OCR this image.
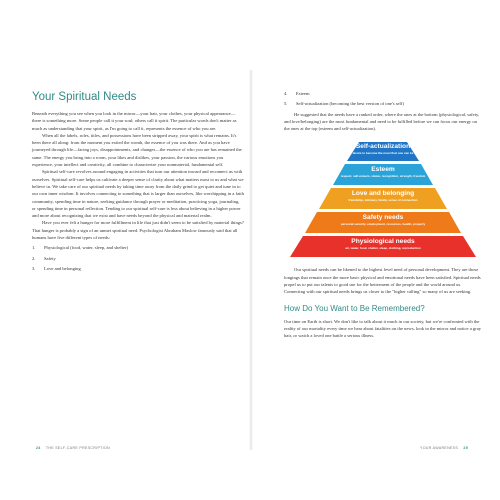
Your Spiritual Needs

Beneath everything you see when you look in the mirror—your hair, your clothes, your physical appearance—there is something more. Some people call it your soul; others call it spirit. The particular words don't matter as much as understanding that your spirit, as I'm going to call it, represents the essence of who you are.

When all the labels, roles, titles, and possessions have been stripped away, your spirit is what remains. It's been there all along: from the moment you exited the womb, the essence of you was there. And as you have journeyed through life—facing joys, disappointments, and changes—the essence of who you are has remained the same. The energy you bring into a room, your likes and dislikes, your passion, the various emotions you experience, your intellect and creativity, all combine to characterize your nonmaterial, fundamental self.

Spiritual self-care revolves around engaging in activities that turn our attention inward and reconnect us with ourselves. Spiritual self-care helps us cultivate a deeper sense of clarity about what matters most to us and what we believe in. We take care of our spiritual needs by taking time away from the daily grind to get quiet and tune in to our own inner wisdom. It involves connecting to something that is larger than ourselves, like worshipping in a faith community, spending time in nature, seeking guidance through prayer or meditation, practicing yoga, journaling, or spending time in personal reflection. Tending to our spiritual self-care is less about believing in a higher power and more about recognizing that we exist and have needs beyond the physical and material realm.

Have you ever felt a hunger for more fulfillment in life that just didn't seem to be satisfied by material things? That hunger is probably a sign of an unmet spiritual need. Psychologist Abraham Maslow famously said that all humans have five different types of needs:

1.	Physiological (food, water, sleep, and shelter)
2.	Safety
3.	Love and belonging
24 THE SELF-CARE PRESCRIPTION
4.	Esteem
5.	Self-actualization (becoming the best version of one's self)

He suggested that the needs have a ranked order, where the ones at the bottom (physiological, safety, and love/belonging) are the most fundamental and need to be fulfilled before we can focus our energy on the ones at the top (esteem and self-actualization).

Self-actualization
desire to become the most that one can be
Esteem
respect, self-esteem, status, recognition, strength, freedom
Love and belonging
friendship, intimacy, family, sense of connection
Safety needs
personal security, employment, resources, health, property
Physiological needs
air, water, food, shelter, sleep, clothing, reproduction

Our spiritual needs can be likened to the highest level need of personal development. They are those longings that remain once the more basic physical and emotional needs have been satisfied. Spiritual needs propel us to put our talents to good use for the betterment of the people and the world around us. Connecting with our spiritual needs brings us closer to the "higher calling" so many of us are seeking.

How Do You Want to Be Remembered?

Our time on Earth is short. We don't like to talk about it much in our society, but we're confronted with the reality of our mortality every time we hear about fatalities on the news, look in the mirror and notice a gray hair, or watch a loved one battle a serious illness.

YOUR AWARENESS 25
